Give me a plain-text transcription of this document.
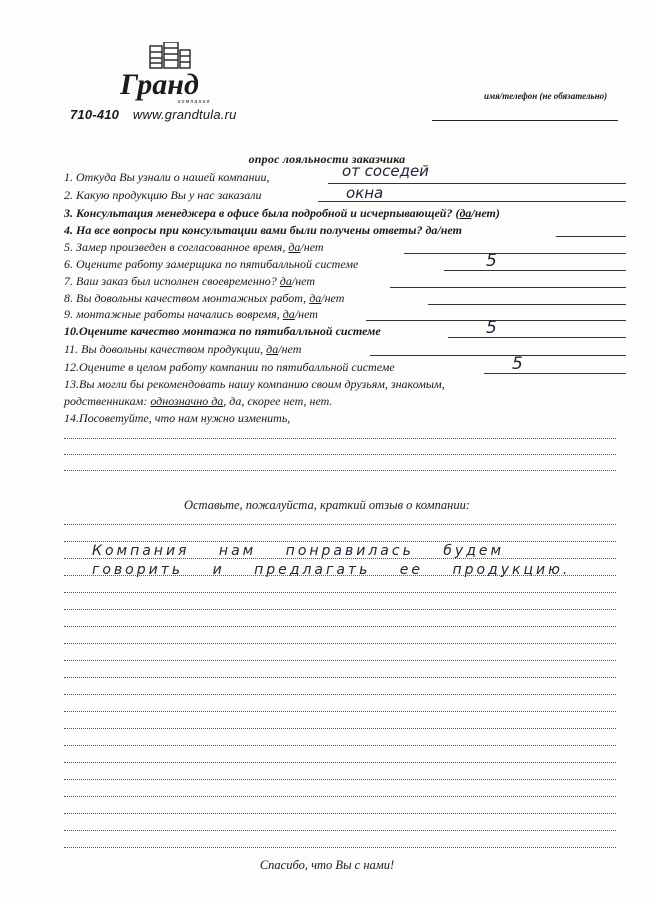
Гранд
компания
710-410 www.grandtula.ru
имя/телефон (не обязательно)
опрос лояльности заказчика
1. Откуда Вы узнали о нашей компании,	от соседей
2. Какую продукцию Вы у нас заказали	окна
3. Консультация менеджера в офисе была подробной и исчерпывающей? (да/нет)
4. На все вопросы при консультации вами были получены ответы? да/нет
5. Замер произведен в согласованное время, да/нет
6. Оцените работу замерщика по пятибалльной системе	5
7. Ваш заказ был исполнен своевременно? да/нет
8. Вы довольны качеством монтажных работ, да/нет
9. монтажные работы начались вовремя, да/нет
10.Оцените качество монтажа по пятибалльной системе	5
11. Вы довольны качеством продукции, да/нет
12.Оцените в целом работу компании по пятибалльной системе	5
13.Вы могли бы рекомендовать нашу компанию своим друзьям, знакомым,
родственникам: однозначно да, да, скорее нет, нет.
14.Посоветуйте, что нам нужно изменить,
Оставьте, пожалуйста, краткий отзыв о компании:
Компания нам понравилась будем
говорить и предлагать ее продукцию.
Спасибо, что Вы с нами!
